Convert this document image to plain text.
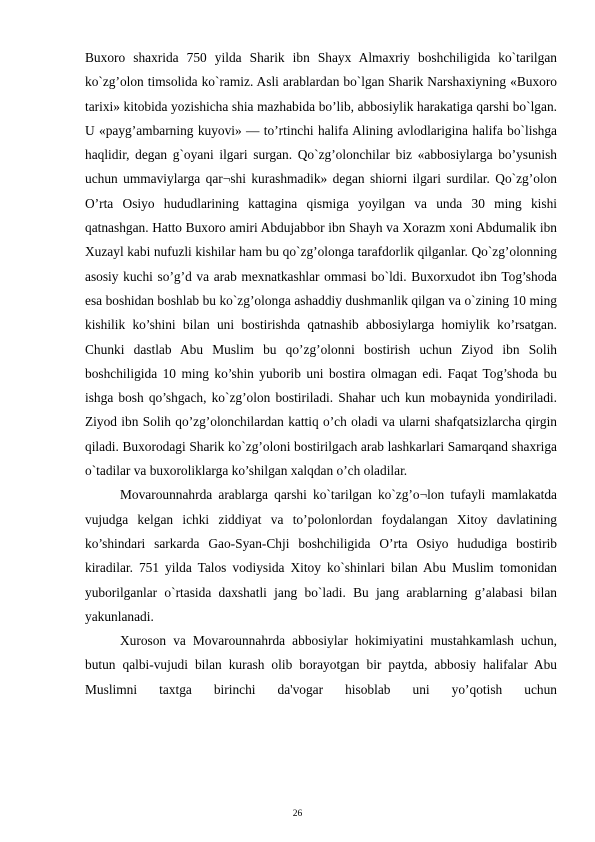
Buxoro shaxrida 750 yilda Sharik ibn Shayx Almaxriy boshchiligida ko`tarilgan ko`zg’olon timsolida ko`ramiz. Asli arablardan bo`lgan Sharik Narshaxiyning «Buxoro tarixi» kitobida yozishicha shia mazhabida bo’lib, abbosiylik harakatiga qarshi bo`lgan. U «payg’ambarning kuyovi» — to’rtinchi halifa Alining avlodlarigina halifa bo`lishga haqlidir, degan g`oyani ilgari surgan. Qo`zg’olonchilar biz «abbosiylarga bo’ysunish uchun ummaviylarga qar¬shi kurashmadik» degan shiorni ilgari surdilar. Qo`zg’olon O’rta Osiyo hududlarining kattagina qismiga yoyilgan va unda 30 ming kishi qatnashgan. Hatto Buxoro amiri Abdujabbor ibn Shayh va Xorazm xoni Abdumalik ibn Xuzayl kabi nufuzli kishilar ham bu qo`zg’olonga tarafdorlik qilganlar. Qo`zg’olonning asosiy kuchi so’g’d va arab mexnatkashlar ommasi bo`ldi. Buxorxudot ibn Tog’shoda esa boshidan boshlab bu ko`zg’olonga ashaddiy dushmanlik qilgan va o`zining 10 ming kishilik ko’shini bilan uni bostirishda qatnashib abbosiylarga homiylik ko’rsatgan. Chunki dastlab Abu Muslim bu qo’zg’olonni bostirish uchun Ziyod ibn Solih boshchiligida 10 ming ko’shin yuborib uni bostira olmagan edi. Faqat Tog’shoda bu ishga bosh qo’shgach, ko`zg’olon bostiriladi. Shahar uch kun mobaynida yondiriladi. Ziyod ibn Solih qo’zg’olonchilardan kattiq o’ch oladi va ularni shafqatsizlarcha qirgin qiladi. Buxorodagi Sharik ko`zg’oloni bostirilgach arab lashkarlari Samarqand shaxriga o`tadilar va buxoroliklarga ko’shilgan xalqdan o’ch oladilar.

Movarounnahrda arablarga qarshi ko`tarilgan ko`zg’o¬lon tufayli mamlakatda vujudga kelgan ichki ziddiyat va to’polonlordan foydalangan Xitoy davlatining ko’shindari sarkarda Gao-Syan-Chji boshchiligida O’rta Osiyo hududiga bostirib kiradilar. 751 yilda Talos vodiysida Xitoy ko`shinlari bilan Abu Muslim tomonidan yuborilganlar o`rtasida daxshatli jang bo`ladi. Bu jang arablarning g’alabasi bilan yakunlanadi.

Xuroson va Movarounnahrda abbosiylar hokimiyatini mustahkamlash uchun, butun qalbi-vujudi bilan kurash olib borayotgan bir paytda, abbosiy halifalar Abu Muslimni taxtga birinchi da'vogar hisoblab uni yo’qotish uchun

26
